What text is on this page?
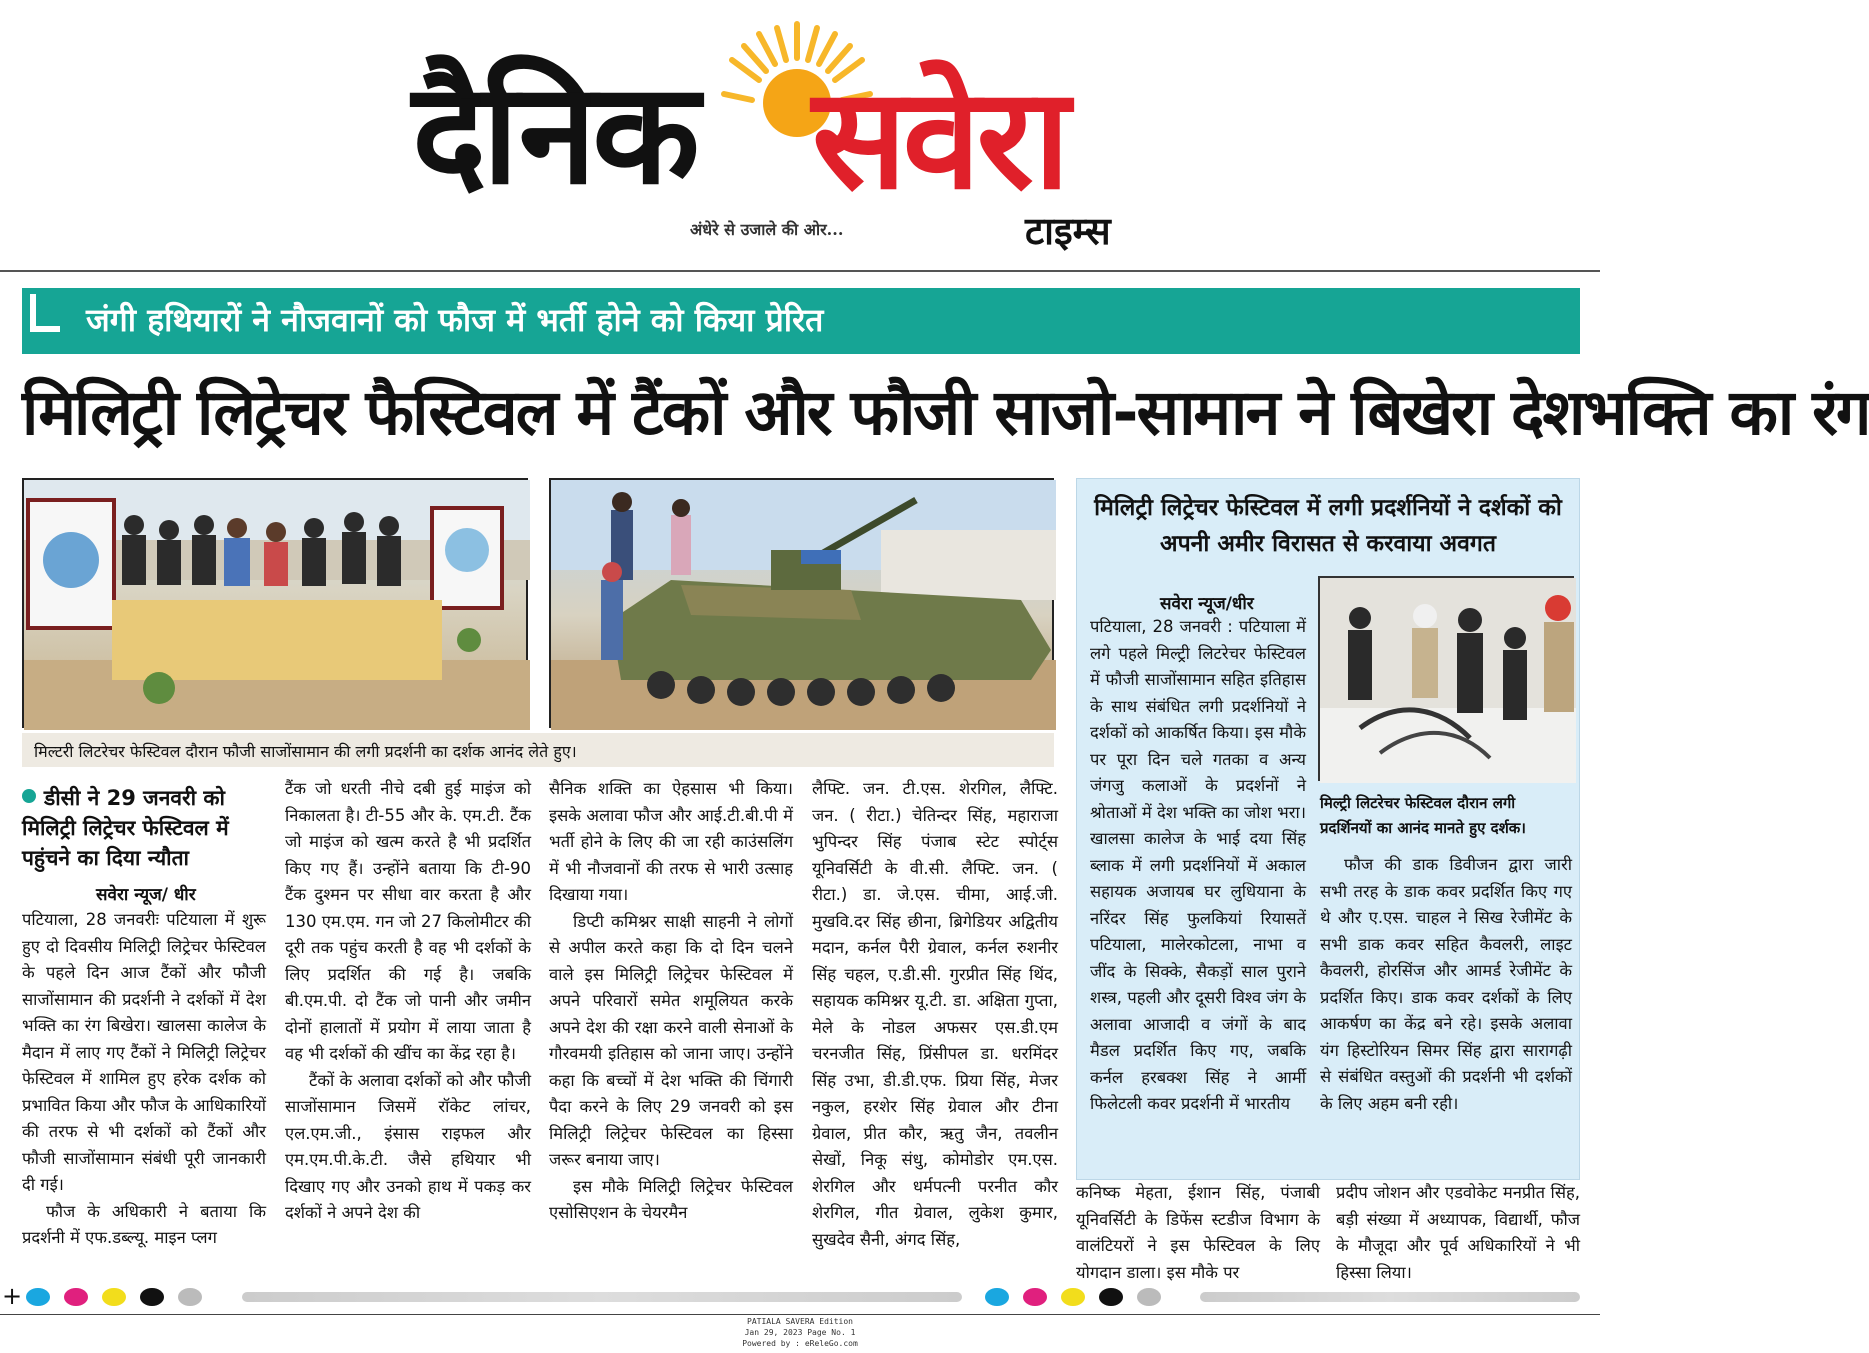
दैनिक सवेरा
अंधेरे से उजाले की ओर...	टाइम्स
जंगी हथियारों ने नौजवानों को फौज में भर्ती होने को किया प्रेरित
मिलिट्री लिट्रेचर फैस्टिवल में टैंकों और फौजी साजो-सामान ने बिखेरा देशभक्ति का रंग
मिल्टरी लिटरेचर फेस्टिवल दौरान फौजी साजोंसामान की लगी प्रदर्शनी का दर्शक आनंद लेते हुए।
मिलिट्री लिट्रेचर फेस्टिवल में लगी प्रदर्शनियों ने दर्शकों को अपनी अमीर विरासत से करवाया अवगत
सवेरा न्यूज/धीर

पटियाला, 28 जनवरी : पटियाला में लगे पहले मिल्ट्री लिटरेचर फेस्टिवल में फौजी साजोंसामान सहित इतिहास के साथ संबंधित लगी प्रदर्शनियों ने दर्शकों को आकर्षित किया। इस मौके पर पूरा दिन चले गतका व अन्य जंगजु कलाओं के प्रदर्शनों ने श्रोताओं में देश भक्ति का जोश भरा। खालसा कालेज के भाई दया सिंह ब्लाक में लगी प्रदर्शनियों में अकाल सहायक अजायब घर लुधियाना के नरिंदर सिंह फुलकियां रियासतें पटियाला, मालेरकोटला, नाभा व जींद के सिक्के, सैकड़ों साल पुराने शस्त्र, पहली और दूसरी विश्व जंग के अलावा आजादी व जंगों के बाद मैडल प्रदर्शित किए गए, जबकि कर्नल हरबक्श सिंह ने आर्मी फिलेटली कवर प्रदर्शनी में भारतीय

मिल्ट्री लिटरेचर फेस्टिवल दौरान लगी प्रदर्शिनयों का आनंद मानते हुए दर्शक।

फौज की डाक डिवीजन द्वारा जारी सभी तरह के डाक कवर प्रदर्शित किए गए थे और ए.एस. चाहल ने सिख रेजीमेंट के सभी डाक कवर सहित कैवलरी, लाइट कैवलरी, होरसिंज और आमर्ड रेजीमेंट के प्रदर्शित किए। डाक कवर दर्शकों के लिए आकर्षण का केंद्र बने रहे। इसके अलावा यंग हिस्टोरियन सिमर सिंह द्वारा सारागढ़ी से संबंधित वस्तुओं की प्रदर्शनी भी दर्शकों के लिए अहम बनी रही।

डीसी ने 29 जनवरी को मिलिट्री लिट्रेचर फेस्टिवल में पहुंचने का दिया न्यौता
सवेरा न्यूज/ धीर

पटियाला, 28 जनवरीः पटियाला में शुरू हुए दो दिवसीय मिलिट्री लिट्रेचर फेस्टिवल के पहले दिन आज टैंकों और फौजी साजोंसामान की प्रदर्शनी ने दर्शकों में देश भक्ति का रंग बिखेरा। खालसा कालेज के मैदान में लाए गए टैंकों ने मिलिट्री लिट्रेचर फेस्टिवल में शामिल हुए हरेक दर्शक को प्रभावित किया और फौज के आधिकारियों की तरफ से भी दर्शकों को टैंकों और फौजी साजोंसामान संबंधी पूरी जानकारी दी गई।

फौज के अधिकारी ने बताया कि प्रदर्शनी में एफ.डब्ल्यू. माइन प्लग

टैंक जो धरती नीचे दबी हुई माइंज को निकालता है। टी-55 और के. एम.टी. टैंक जो माइंज को खत्म करते है भी प्रदर्शित किए गए हैं। उन्होंने बताया कि टी-90 टैंक दुश्मन पर सीधा वार करता है और 130 एम.एम. गन जो 27 किलोमीटर की दूरी तक पहुंच करती है वह भी दर्शकों के लिए प्रदर्शित की गई है। जबकि बी.एम.पी. दो टैंक जो पानी और जमीन दोनों हालातों में प्रयोग में लाया जाता है वह भी दर्शकों की खींच का केंद्र रहा है।

टैंकों के अलावा दर्शकों को और फौजी साजोंसामान जिसमें रॉकेट लांचर, एल.एम.जी., इंसास राइफल और एम.एम.पी.के.टी. जैसे हथियार भी दिखाए गए और उनको हाथ में पकड़ कर दर्शकों ने अपने देश की

सैनिक शक्ति का ऐहसास भी किया। इसके अलावा फौज और आई.टी.बी.पी में भर्ती होने के लिए की जा रही काउंसलिंग में भी नौजवानों की तरफ से भारी उत्साह दिखाया गया।

डिप्टी कमिश्नर साक्षी साहनी ने लोगों से अपील करते कहा कि दो दिन चलने वाले इस मिलिट्री लिट्रेचर फेस्टिवल में अपने परिवारों समेत शमूलियत करके अपने देश की रक्षा करने वाली सेनाओं के गौरवमयी इतिहास को जाना जाए। उन्होंने कहा कि बच्चों में देश भक्ति की चिंगारी पैदा करने के लिए 29 जनवरी को इस मिलिट्री लिट्रेचर फेस्टिवल का हिस्सा जरूर बनाया जाए।

इस मौके मिलिट्री लिट्रेचर फेस्टिवल एसोसिएशन के चेयरमैन

लैफ्टि. जन. टी.एस. शेरगिल, लैफ्टि. जन. ( रीटा.) चेतिन्दर सिंह, महाराजा भुपिन्दर सिंह पंजाब स्टेट स्पोर्ट्स यूनिवर्सिटी के वी.सी. लैफ्टि. जन. ( रीटा.) डा. जे.एस. चीमा, आई.जी. मुखवि.दर सिंह छीना, ब्रिगेडियर अद्वितीय मदान, कर्नल पैरी ग्रेवाल, कर्नल रुशनीर सिंह चहल, ए.डी.सी. गुरप्रीत सिंह थिंद, सहायक कमिश्नर यू.टी. डा. अक्षिता गुप्ता, मेले के नोडल अफसर एस.डी.एम चरनजीत सिंह, प्रिंसीपल डा. धरमिंदर सिंह उभा, डी.डी.एफ. प्रिया सिंह, मेजर नकुल, हरशेर सिंह ग्रेवाल और टीना ग्रेवाल, प्रीत कौर, ऋतु जैन, तवलीन सेखों, निकू संधु, कोमोडोर एम.एस. शेरगिल और धर्मपत्नी परनीत कौर शेरगिल, गीत ग्रेवाल, लुकेश कुमार, सुखदेव सैनी, अंगद सिंह,

कनिष्क मेहता, ईशान सिंह, पंजाबी यूनिवर्सिटी के डिफेंस स्टडीज विभाग के वालंटियरों ने इस फेस्टिवल के लिए योगदान डाला। इस मौके पर

प्रदीप जोशन और एडवोकेट मनप्रीत सिंह, बड़ी संख्या में अध्यापक, विद्यार्थी, फौज के मौजूदा और पूर्व अधिकारियों ने भी हिस्सा लिया।

+
PATIALA SAVERA Edition
Jan 29, 2023 Page No. 1
Powered by : eReleGo.com
